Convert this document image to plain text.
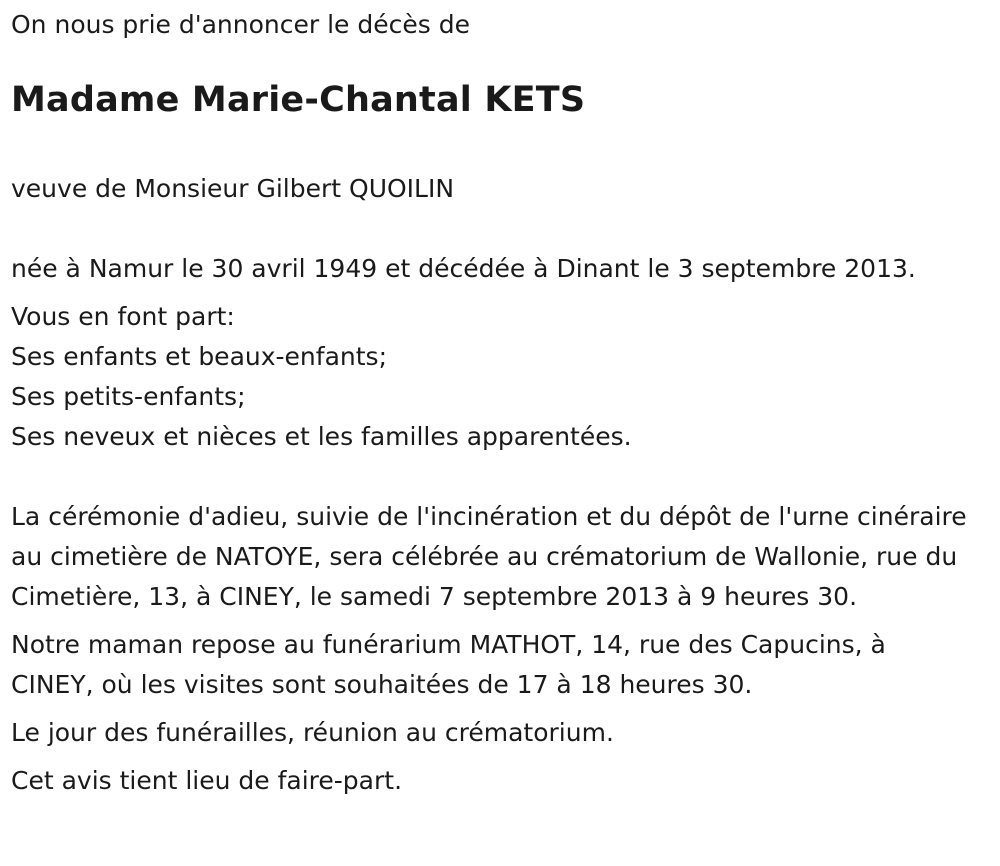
On nous prie d'annoncer le décès de

Madame Marie-Chantal KETS

veuve de Monsieur Gilbert QUOILIN

née à Namur le 30 avril 1949 et décédée à Dinant le 3 septembre 2013.

Vous en font part:

Ses enfants et beaux-enfants;

Ses petits-enfants;

Ses neveux et nièces et les familles apparentées.

La cérémonie d'adieu, suivie de l'incinération et du dépôt de l'urne cinéraire au cimetière de NATOYE, sera célébrée au crématorium de Wallonie, rue du Cimetière, 13, à CINEY, le samedi 7 septembre 2013 à 9 heures 30.

Notre maman repose au funérarium MATHOT, 14, rue des Capucins, à CINEY, où les visites sont souhaitées de 17 à 18 heures 30.

Le jour des funérailles, réunion au crématorium.

Cet avis tient lieu de faire-part.
